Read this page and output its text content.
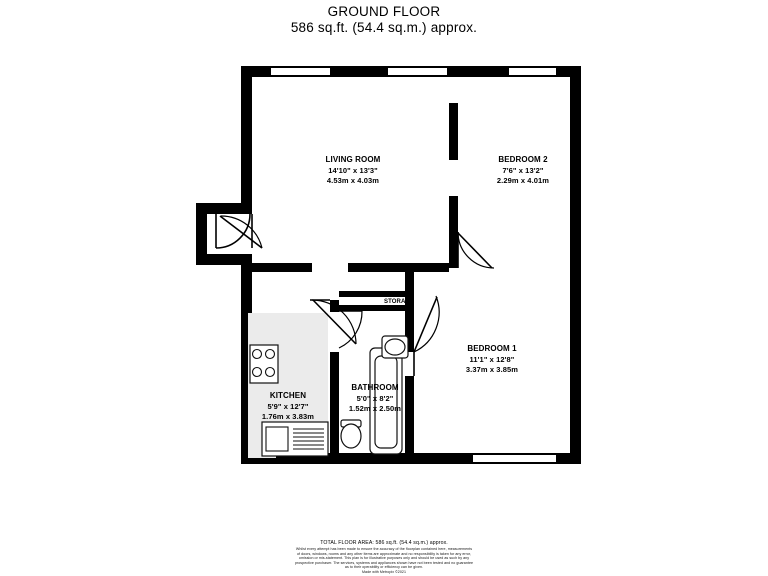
GROUND FLOOR
586 sq.ft. (54.4 sq.m.) approx.
LIVING ROOM
14'10" x 13'3"
4.53m x 4.03m
BEDROOM 2
7'6" x 13'2"
2.29m x 4.01m
BEDROOM 1
11'1" x 12'8"
3.37m x 3.85m
BATHROOM
5'0" x 8'2"
1.52m x 2.50m
KITCHEN
5'9" x 12'7"
1.76m x 3.83m
STORAGE
TOTAL FLOOR AREA: 586 sq.ft. (54.4 sq.m.) approx.
Whilst every attempt has been made to ensure the accuracy of the floorplan contained here, measurements
of doors, windows, rooms and any other items are approximate and no responsibility is taken for any error,
omission or mis-statement. This plan is for illustrative purposes only and should be used as such by any
prospective purchaser. The services, systems and appliances shown have not been tested and no guarantee
as to their operability or efficiency can be given.
Made with Metropix ©2021
